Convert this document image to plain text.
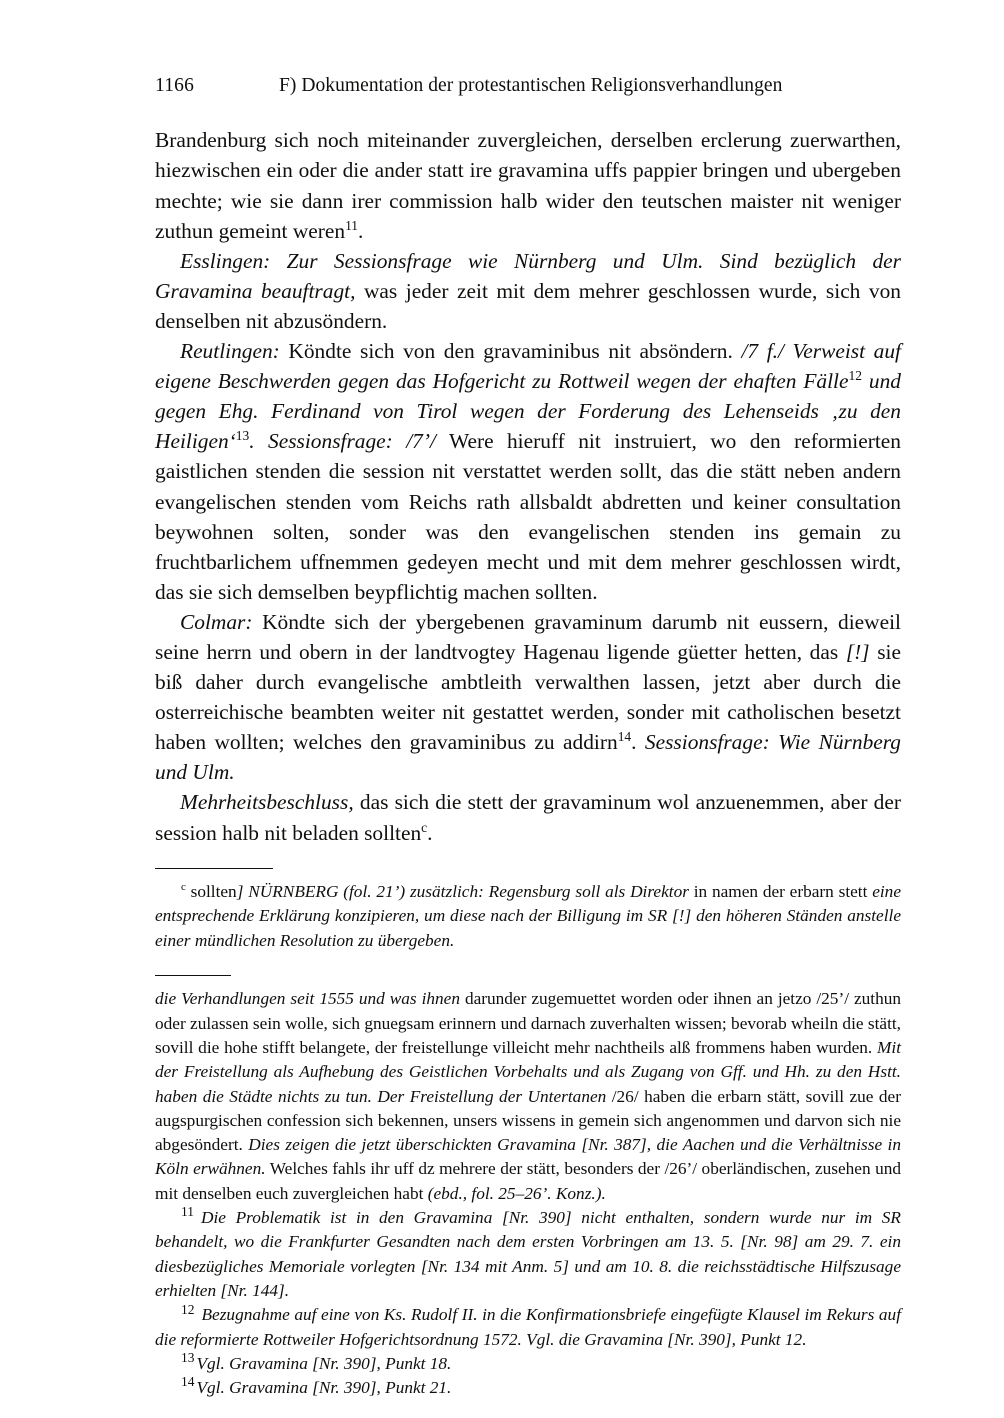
1166	F) Dokumentation der protestantischen Religionsverhandlungen

Brandenburg sich noch miteinander zuvergleichen, derselben erclerung zuerwarthen, hiezwischen ein oder die ander statt ire gravamina uffs pappier bringen und ubergeben mechte; wie sie dann irer commission halb wider den teutschen maister nit weniger zuthun gemeint weren$^{11}$.

Esslingen: Zur Sessionsfrage wie Nürnberg und Ulm. Sind bezüglich der Gravamina beauftragt, was jeder zeit mit dem mehrer geschlossen wurde, sich von denselben nit abzusöndern.

Reutlingen: Köndte sich von den gravaminibus nit absöndern. /7 f./ Verweist auf eigene Beschwerden gegen das Hofgericht zu Rottweil wegen der ehaften Fälle$^{12}$ und gegen Ehg. Ferdinand von Tirol wegen der Forderung des Lehenseids ‚zu den Heiligen‘$^{13}$. Sessionsfrage: /7’/ Were hieruff nit instruiert, wo den reformierten gaistlichen stenden die session nit verstattet werden sollt, das die stätt neben andern evangelischen stenden vom Reichs rath allsbaldt abdretten und keiner consultation beywohnen solten, sonder was den evangelischen stenden ins gemain zu fruchtbarlichem uffnemmen gedeyen mecht und mit dem mehrer geschlossen wirdt, das sie sich demselben beypflichtig machen sollten.

Colmar: Köndte sich der ybergebenen gravaminum darumb nit eussern, dieweil seine herrn und obern in der landtvogtey Hagenau ligende güetter hetten, das [!] sie biß daher durch evangelische ambtleith verwalthen lassen, jetzt aber durch die osterreichische beambten weiter nit gestattet werden, sonder mit catholischen besetzt haben wollten; welches den gravaminibus zu addirn$^{14}$. Sessionsfrage: Wie Nürnberg und Ulm.

Mehrheitsbeschluss, das sich die stett der gravaminum wol anzuenemmen, aber der session halb nit beladen sollten$^c$.

$^c$ sollten] NÜRNBERG (fol. 21’) zusätzlich: Regensburg soll als Direktor in namen der erbarn stett eine entsprechende Erklärung konzipieren, um diese nach der Billigung im SR [!] den höheren Ständen anstelle einer mündlichen Resolution zu übergeben.

die Verhandlungen seit 1555 und was ihnen darunder zugemuettet worden oder ihnen an jetzo /25’/ zuthun oder zulassen sein wolle, sich gnuegsam erinnern und darnach zuverhalten wissen; bevorab wheiln die stätt, sovill die hohe stifft belangete, der freistellunge villeicht mehr nachtheils alß frommens haben wurden. Mit der Freistellung als Aufhebung des Geistlichen Vorbehalts und als Zugang von Gff. und Hh. zu den Hstt. haben die Städte nichts zu tun. Der Freistellung der Untertanen /26/ haben die erbarn stätt, sovill zue der augspurgischen confession sich bekennen, unsers wissens in gemein sich angenommen und darvon sich nie abgesöndert. Dies zeigen die jetzt überschickten Gravamina [Nr. 387], die Aachen und die Verhältnisse in Köln erwähnen. Welches fahls ihr uff dz mehrere der stätt, besonders der /26’/ oberländischen, zusehen und mit denselben euch zuvergleichen habt (ebd., fol. 25–26’. Konz.).

$^{11}$ Die Problematik ist in den Gravamina [Nr. 390] nicht enthalten, sondern wurde nur im SR behandelt, wo die Frankfurter Gesandten nach dem ersten Vorbringen am 13. 5. [Nr. 98] am 29. 7. ein diesbezügliches Memoriale vorlegten [Nr. 134 mit Anm. 5] und am 10. 8. die reichsstädtische Hilfszusage erhielten [Nr. 144].

$^{12}$ Bezugnahme auf eine von Ks. Rudolf II. in die Konfirmationsbriefe eingefügte Klausel im Rekurs auf die reformierte Rottweiler Hofgerichtsordnung 1572. Vgl. die Gravamina [Nr. 390], Punkt 12.

$^{13}$ Vgl. Gravamina [Nr. 390], Punkt 18.

$^{14}$ Vgl. Gravamina [Nr. 390], Punkt 21.
